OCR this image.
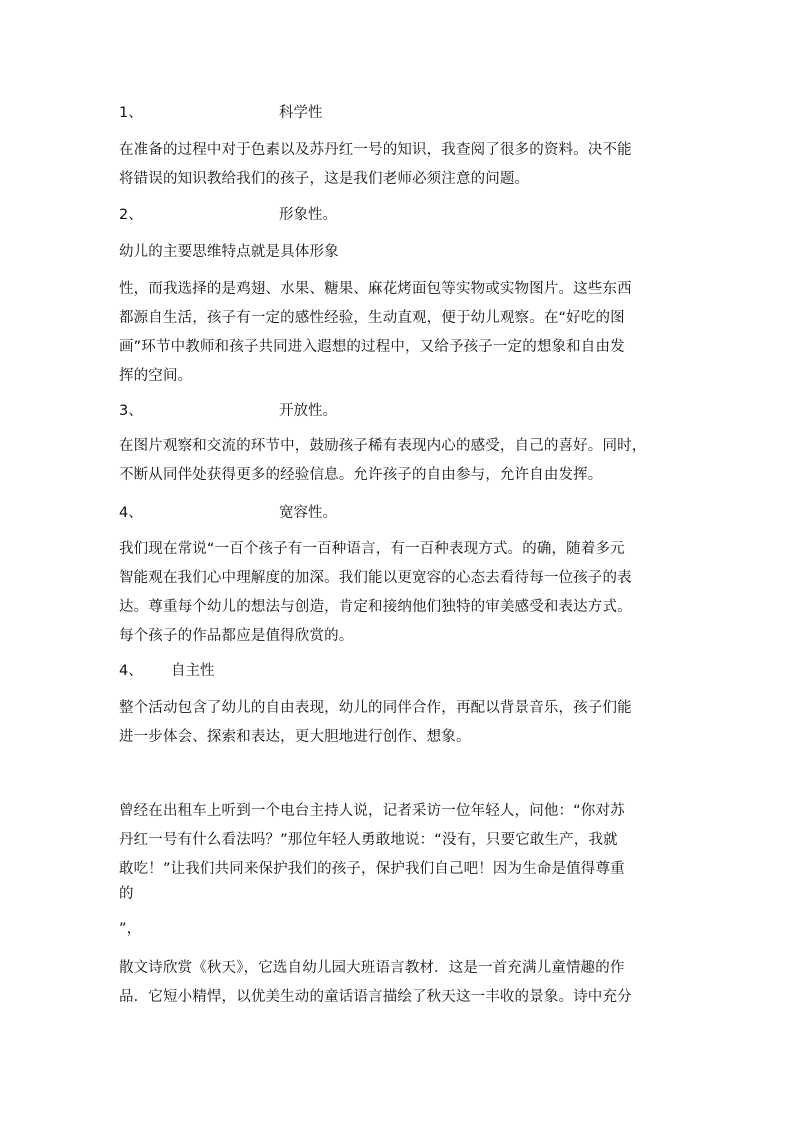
1、	科学性
在准备的过程中对于色素以及苏丹红一号的知识，我查阅了很多的资料。决不能
将错误的知识教给我们的孩子，这是我们老师必须注意的问题。
2、	形象性。
幼儿的主要思维特点就是具体形象
性，而我选择的是鸡翅、水果、糖果、麻花烤面包等实物或实物图片。这些东西
都源自生活，孩子有一定的感性经验，生动直观，便于幼儿观察。在“好吃的图
画”环节中教师和孩子共同进入遐想的过程中，又给予孩子一定的想象和自由发
挥的空间。
3、	开放性。
在图片观察和交流的环节中，鼓励孩子稀有表现内心的感受，自己的喜好。同时，
不断从同伴处获得更多的经验信息。允许孩子的自由参与，允许自由发挥。
4、	宽容性。
我们现在常说“一百个孩子有一百种语言，有一百种表现方式。的确，随着多元
智能观在我们心中理解度的加深。我们能以更宽容的心态去看待每一位孩子的表
达。尊重每个幼儿的想法与创造，肯定和接纳他们独特的审美感受和表达方式。
每个孩子的作品都应是值得欣赏的。
4、 自主性
整个活动包含了幼儿的自由表现，幼儿的同伴合作，再配以背景音乐，孩子们能
进一步体会、探索和表达，更大胆地进行创作、想象。
曾经在出租车上听到一个电台主持人说，记者采访一位年轻人，问他：“你对苏
丹红一号有什么看法吗？”那位年轻人勇敢地说：“没有，只要它敢生产，我就
敢吃！”让我们共同来保护我们的孩子，保护我们自己吧！因为生命是值得尊重
的
”，
散文诗欣赏《秋天》，它选自幼儿园大班语言教材．这是一首充满儿童情趣的作
品．它短小精悍，以优美生动的童话语言描绘了秋天这一丰收的景象。诗中充分
